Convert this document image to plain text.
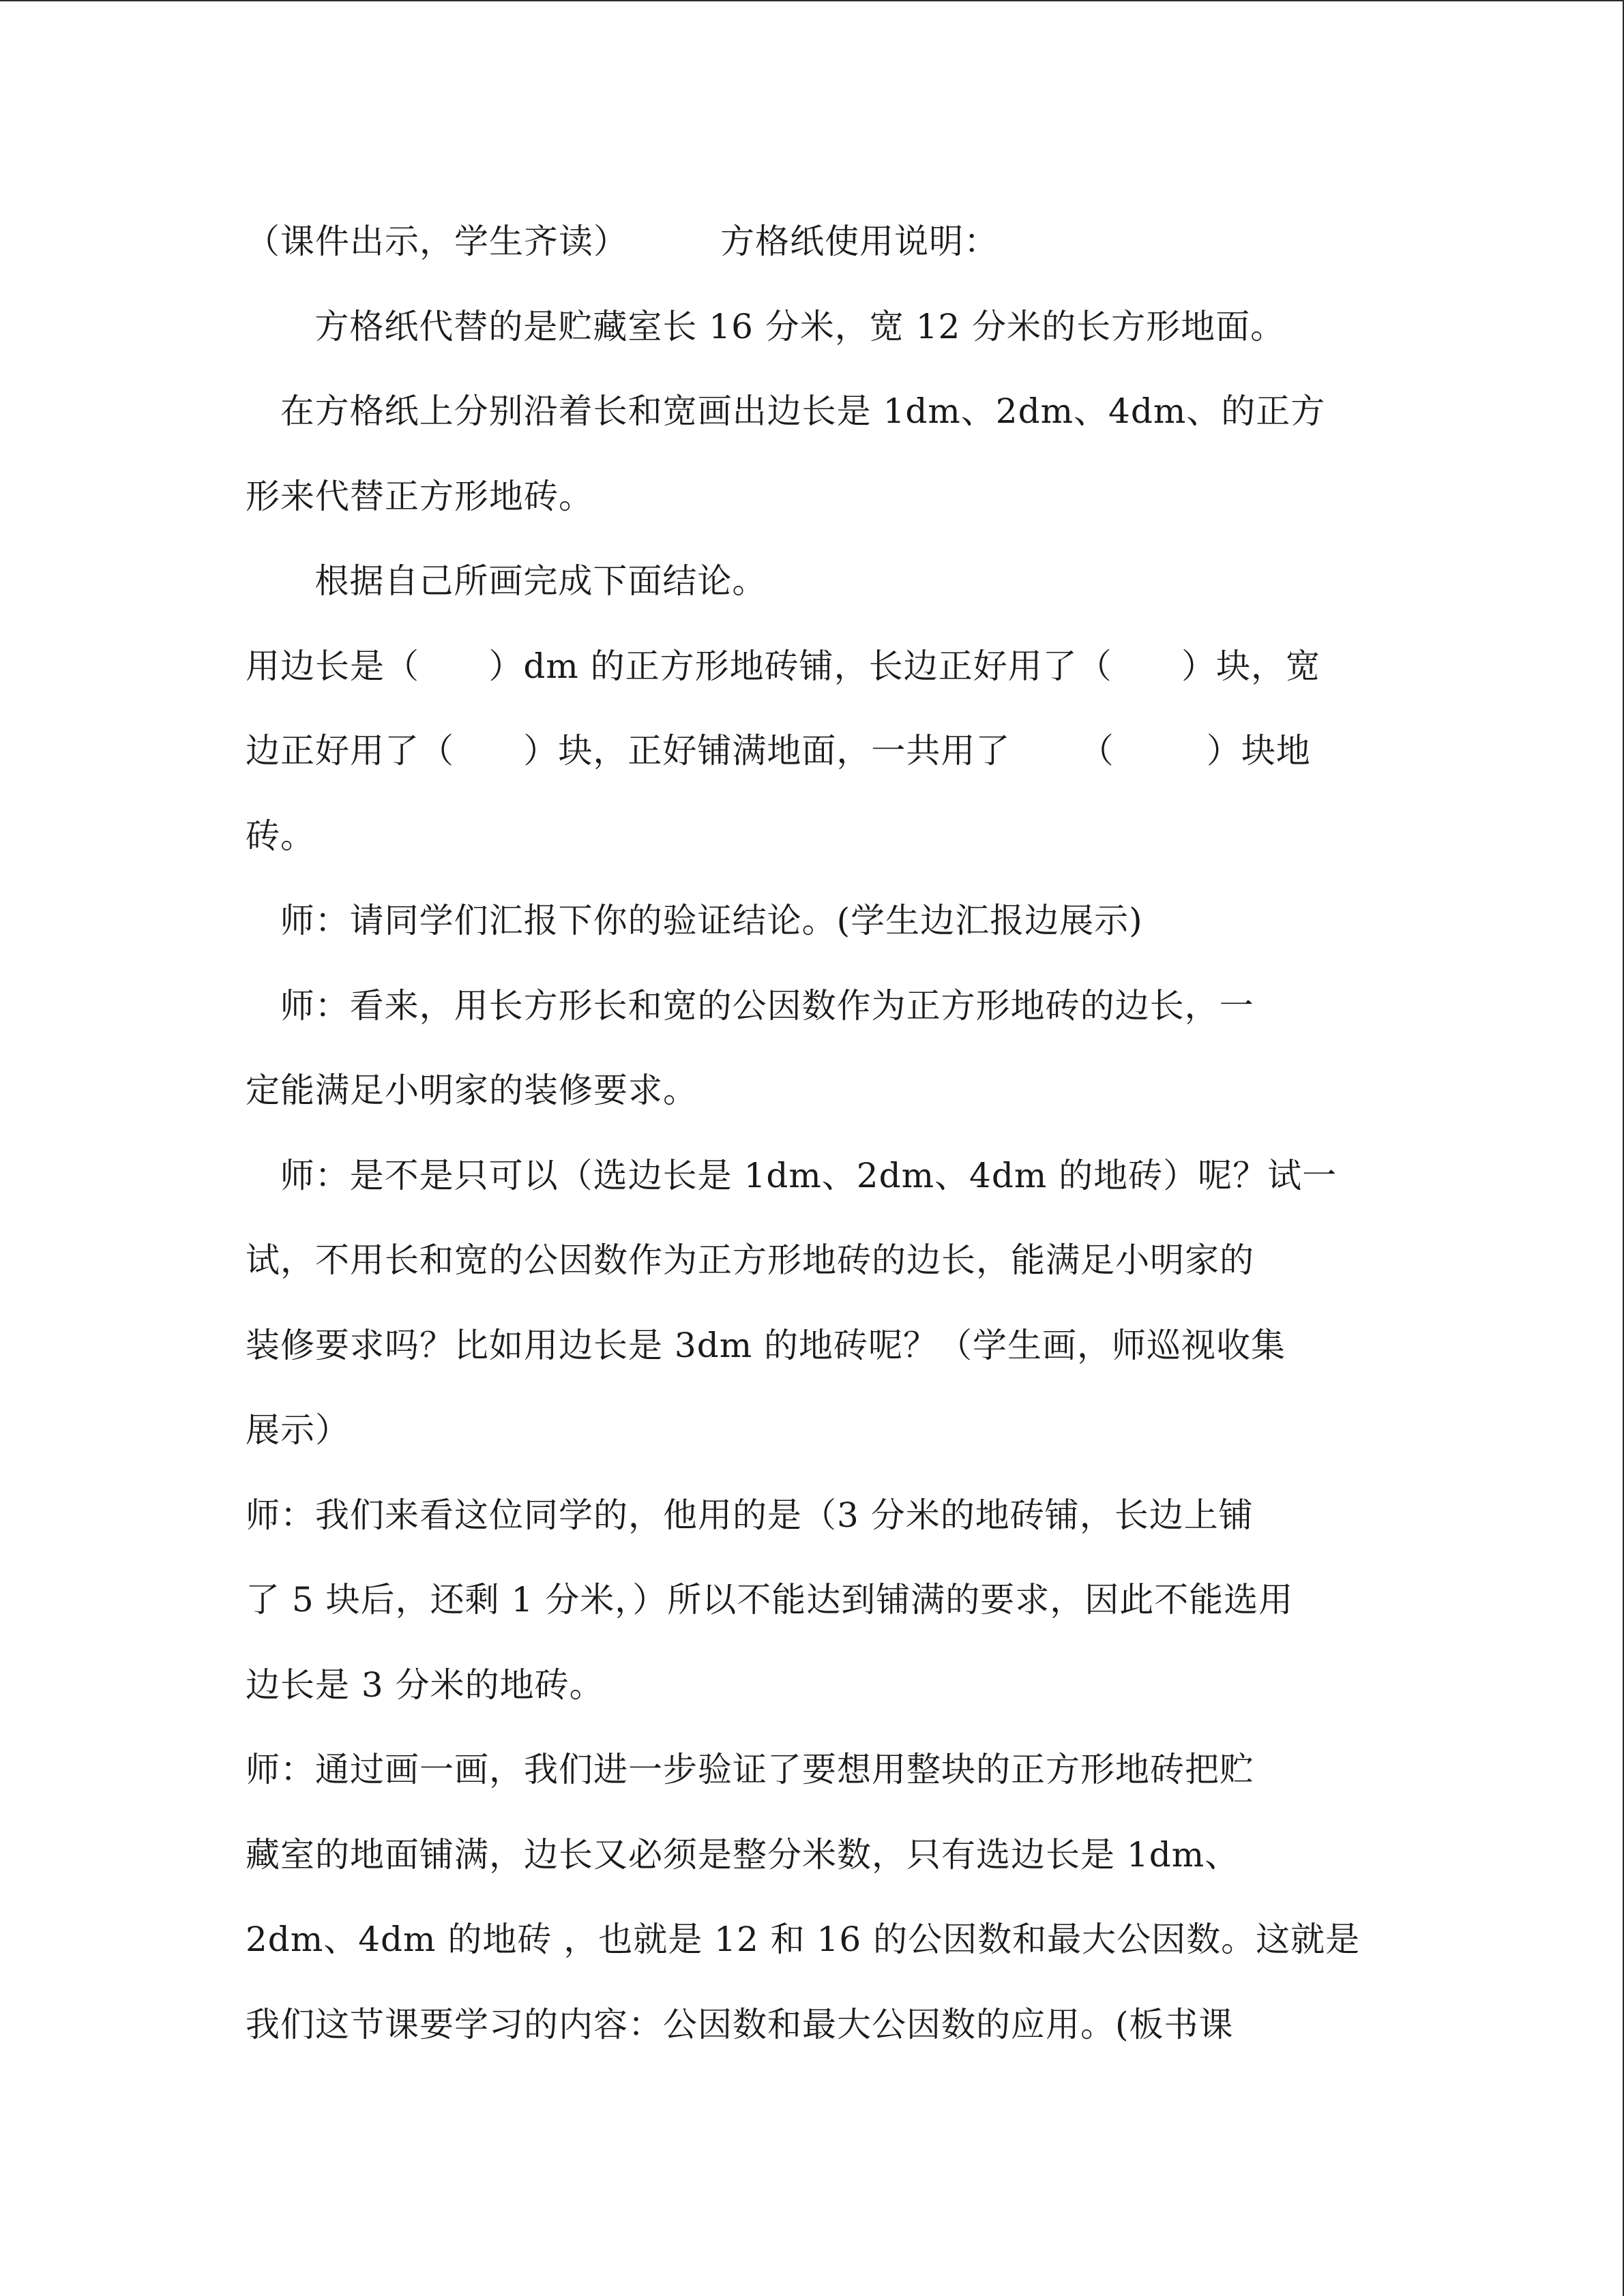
（课件出示，学生齐读）        方格纸使用说明：

方格纸代替的是贮藏室长 16 分米，宽 12 分米的长方形地面。

在方格纸上分别沿着长和宽画出边长是 1dm、2dm、4dm、的正方

形来代替正方形地砖。

根据自己所画完成下面结论。

用边长是（      ）dm 的正方形地砖铺，长边正好用了（      ）块，宽

边正好用了（      ）块，正好铺满地面，一共用了      （        ）块地

砖。

师：请同学们汇报下你的验证结论。(学生边汇报边展示)

师：看来，用长方形长和宽的公因数作为正方形地砖的边长，一

定能满足小明家的装修要求。

师：是不是只可以（选边长是 1dm、2dm、4dm 的地砖）呢？试一

试，不用长和宽的公因数作为正方形地砖的边长，能满足小明家的

装修要求吗？比如用边长是 3dm 的地砖呢？（学生画，师巡视收集

展示）

师：我们来看这位同学的，他用的是（3 分米的地砖铺，长边上铺

了 5 块后，还剩 1 分米，）所以不能达到铺满的要求，因此不能选用

边长是 3 分米的地砖。

师：通过画一画，我们进一步验证了要想用整块的正方形地砖把贮

藏室的地面铺满，边长又必须是整分米数，只有选边长是 1dm、

2dm、4dm 的地砖 ，也就是 12 和 16 的公因数和最大公因数。这就是

我们这节课要学习的内容：公因数和最大公因数的应用。(板书课
